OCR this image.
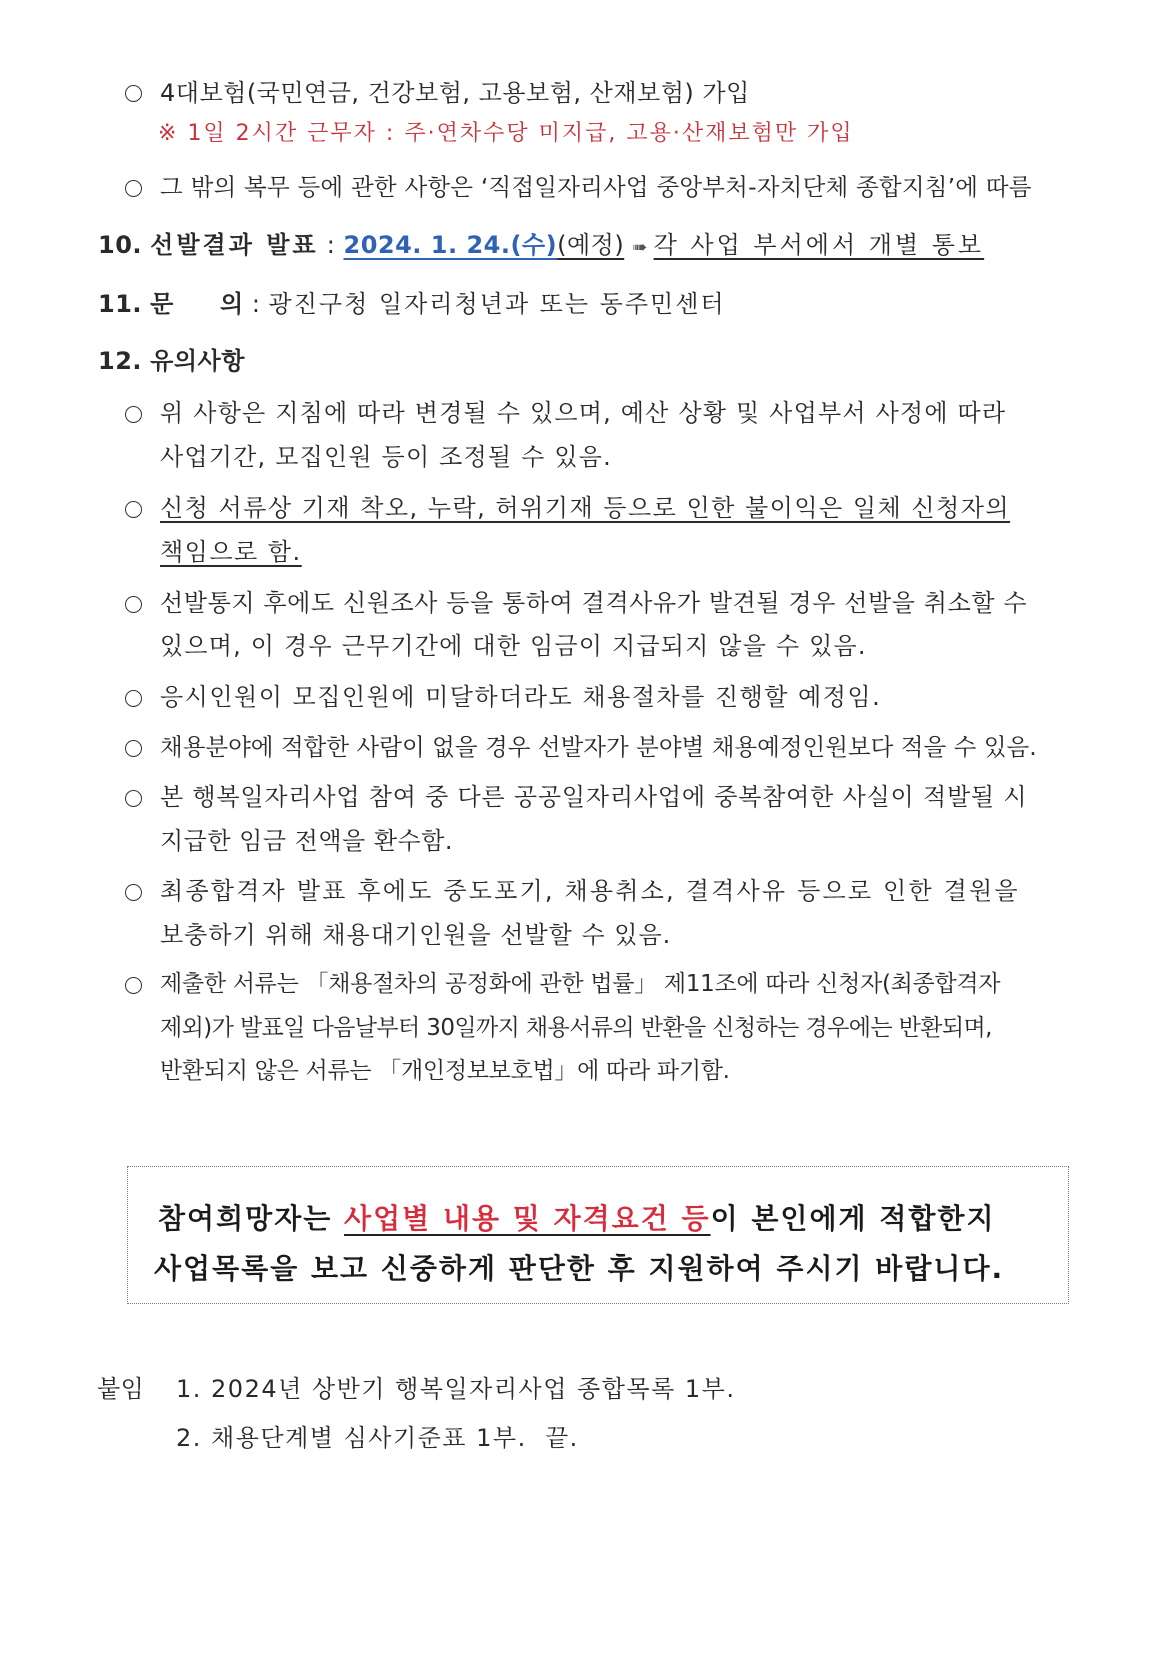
4대보험(국민연금, 건강보험, 고용보험, 산재보험) 가입
※ 1일 2시간 근무자 : 주·연차수당 미지급, 고용·산재보험만 가입
그 밖의 복무 등에 관한 사항은 ‘직접일자리사업 중앙부처-자치단체 종합지침’에 따름
10. 선발결과 발표 : 2024. 1. 24.(수)(예정) ➠ 각 사업 부서에서 개별 통보
11. 문 의 : 광진구청 일자리청년과 또는 동주민센터
12. 유의사항
위 사항은 지침에 따라 변경될 수 있으며, 예산 상황 및 사업부서 사정에 따라
사업기간, 모집인원 등이 조정될 수 있음.
신청 서류상 기재 착오, 누락, 허위기재 등으로 인한 불이익은 일체 신청자의
책임으로 함.
선발통지 후에도 신원조사 등을 통하여 결격사유가 발견될 경우 선발을 취소할 수
있으며, 이 경우 근무기간에 대한 임금이 지급되지 않을 수 있음.
응시인원이 모집인원에 미달하더라도 채용절차를 진행할 예정임.
채용분야에 적합한 사람이 없을 경우 선발자가 분야별 채용예정인원보다 적을 수 있음.
본 행복일자리사업 참여 중 다른 공공일자리사업에 중복참여한 사실이 적발될 시
지급한 임금 전액을 환수함.
최종합격자 발표 후에도 중도포기, 채용취소, 결격사유 등으로 인한 결원을
보충하기 위해 채용대기인원을 선발할 수 있음.
제출한 서류는 「채용절차의 공정화에 관한 법률」 제11조에 따라 신청자(최종합격자
제외)가 발표일 다음날부터 30일까지 채용서류의 반환을 신청하는 경우에는 반환되며,
반환되지 않은 서류는 「개인정보보호법」에 따라 파기함.
참여희망자는 사업별 내용 및 자격요건 등이 본인에게 적합한지
사업목록을 보고 신중하게 판단한 후 지원하여 주시기 바랍니다.
붙임 1. 2024년 상반기 행복일자리사업 종합목록 1부.
2. 채용단계별 심사기준표 1부.  끝.
